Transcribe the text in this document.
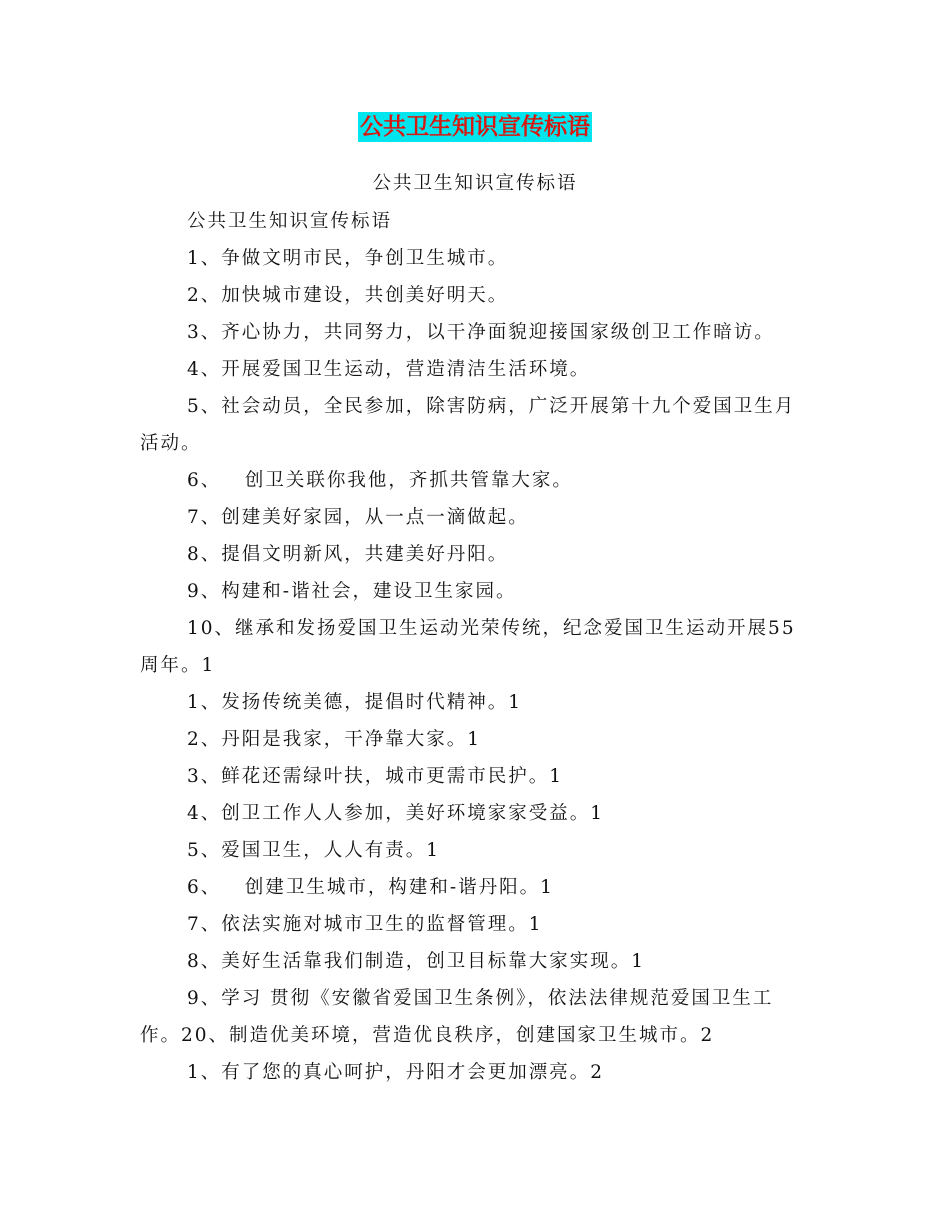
公共卫生知识宣传标语
公共卫生知识宣传标语

公共卫生知识宣传标语

1、争做文明市民，争创卫生城市。

2、加快城市建设，共创美好明天。

3、齐心协力，共同努力，以干净面貌迎接国家级创卫工作暗访。

4、开展爱国卫生运动，营造清洁生活环境。

5、社会动员，全民参加，除害防病，广泛开展第十九个爱国卫生月活动。

6、   创卫关联你我他，齐抓共管靠大家。

7、创建美好家园，从一点一滴做起。

8、提倡文明新风，共建美好丹阳。

9、构建和-谐社会，建设卫生家园。

10、继承和发扬爱国卫生运动光荣传统，纪念爱国卫生运动开展55周年。1

1、发扬传统美德，提倡时代精神。1

2、丹阳是我家，干净靠大家。1

3、鲜花还需绿叶扶，城市更需市民护。1

4、创卫工作人人参加，美好环境家家受益。1

5、爱国卫生，人人有责。1

6、   创建卫生城市，构建和-谐丹阳。1

7、依法实施对城市卫生的监督管理。1

8、美好生活靠我们制造，创卫目标靠大家实现。1

9、学习 贯彻《安徽省爱国卫生条例》，依法法律规范爱国卫生工作。20、制造优美环境，营造优良秩序，创建国家卫生城市。2

1、有了您的真心呵护，丹阳才会更加漂亮。2
